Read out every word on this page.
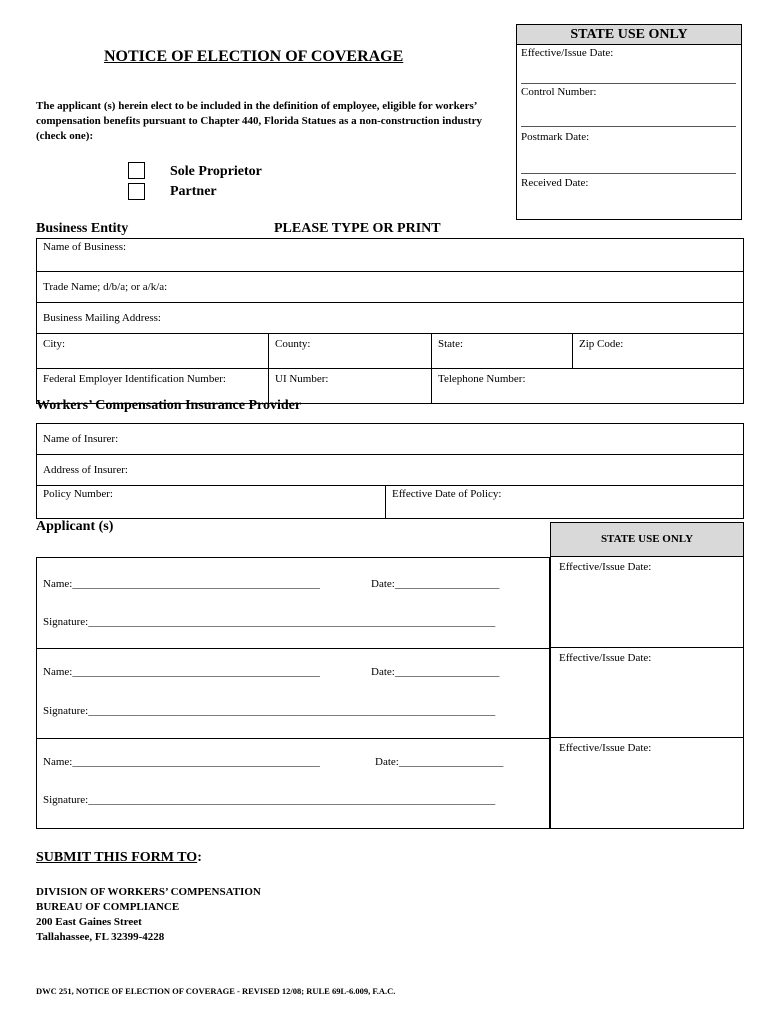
NOTICE OF ELECTION OF COVERAGE
The applicant (s) herein elect to be included in the definition of employee, eligible for workers’ compensation benefits pursuant to Chapter 440, Florida Statues as a non-construction industry (check one):
STATE USE ONLY
Effective/Issue Date:
Control Number:
Postmark Date:
Received Date:
Sole Proprietor
Partner
Business Entity	PLEASE TYPE OR PRINT
Name of Business:			
Trade Name; d/b/a; or a/k/a:			
Business Mailing Address:			
City:	County:	State:	Zip Code:
Federal Employer Identification Number:	UI Number:	Telephone Number:	
Workers’ Compensation Insurance Provider
Name of Insurer:
Address of Insurer:
Policy Number:	Effective Date of Policy:
Applicant (s)
STATE USE ONLY
Name:_____________________________________________	Date:___________________
Signature:__________________________________________________________________________
Name:_____________________________________________	Date:___________________
Signature:__________________________________________________________________________
Name:_____________________________________________	Date:___________________
Signature:__________________________________________________________________________
Effective/Issue Date:
Effective/Issue Date:
Effective/Issue Date:
SUBMIT THIS FORM TO:
DIVISION OF WORKERS’ COMPENSATION
BUREAU OF COMPLIANCE
200 East Gaines Street
Tallahassee, FL 32399-4228
DWC 251, NOTICE OF ELECTION OF COVERAGE - REVISED 12/08; RULE 69L-6.009, F.A.C.
